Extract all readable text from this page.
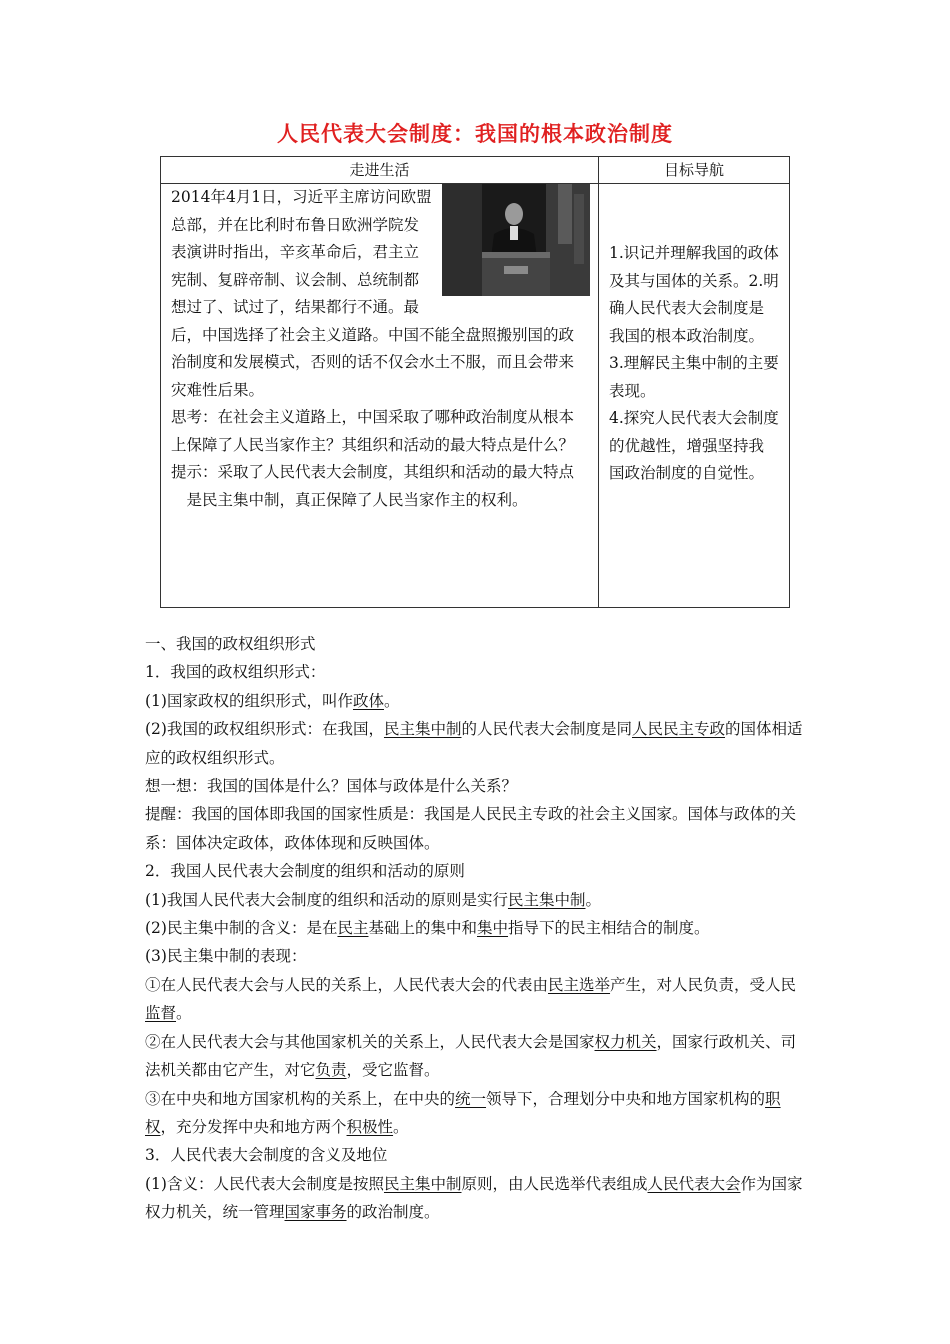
人民代表大会制度：我国的根本政治制度
走进生活
2014年4月1日，习近平主席访问欧盟总部，并在比利时布鲁日欧洲学院发表演讲时指出，辛亥革命后，君主立宪制、复辟帝制、议会制、总统制都想过了、试过了，结果都行不通。最后，中国选择了社会主义道路。中国不能全盘照搬别国的政治制度和发展模式，否则的话不仅会水土不服，而且会带来灾难性后果。
思考：在社会主义道路上，中国采取了哪种政治制度从根本上保障了人民当家作主？其组织和活动的最大特点是什么？
提示：采取了人民代表大会制度，其组织和活动的最大特点是民主集中制，真正保障了人民当家作主的权利。
目标导航
1.识记并理解我国的政体及其与国体的关系。2.明确人民代表大会制度是我国的根本政治制度。
3.理解民主集中制的主要表现。
4.探究人民代表大会制度的优越性，增强坚持我国政治制度的自觉性。

一、我国的政权组织形式

1．我国的政权组织形式：

(1)国家政权的组织形式，叫作政体。

(2)我国的政权组织形式：在我国，民主集中制的人民代表大会制度是同人民民主专政的国体相适应的政权组织形式。

想一想：我国的国体是什么？国体与政体是什么关系？

提醒：我国的国体即我国的国家性质是：我国是人民民主专政的社会主义国家。国体与政体的关系：国体决定政体，政体体现和反映国体。

2．我国人民代表大会制度的组织和活动的原则

(1)我国人民代表大会制度的组织和活动的原则是实行民主集中制。

(2)民主集中制的含义：是在民主基础上的集中和集中指导下的民主相结合的制度。

(3)民主集中制的表现：

①在人民代表大会与人民的关系上，人民代表大会的代表由民主选举产生，对人民负责，受人民监督。

②在人民代表大会与其他国家机关的关系上，人民代表大会是国家权力机关，国家行政机关、司法机关都由它产生，对它负责，受它监督。

③在中央和地方国家机构的关系上，在中央的统一领导下，合理划分中央和地方国家机构的职权，充分发挥中央和地方两个积极性。

3．人民代表大会制度的含义及地位

(1)含义：人民代表大会制度是按照民主集中制原则，由人民选举代表组成人民代表大会作为国家权力机关，统一管理国家事务的政治制度。
